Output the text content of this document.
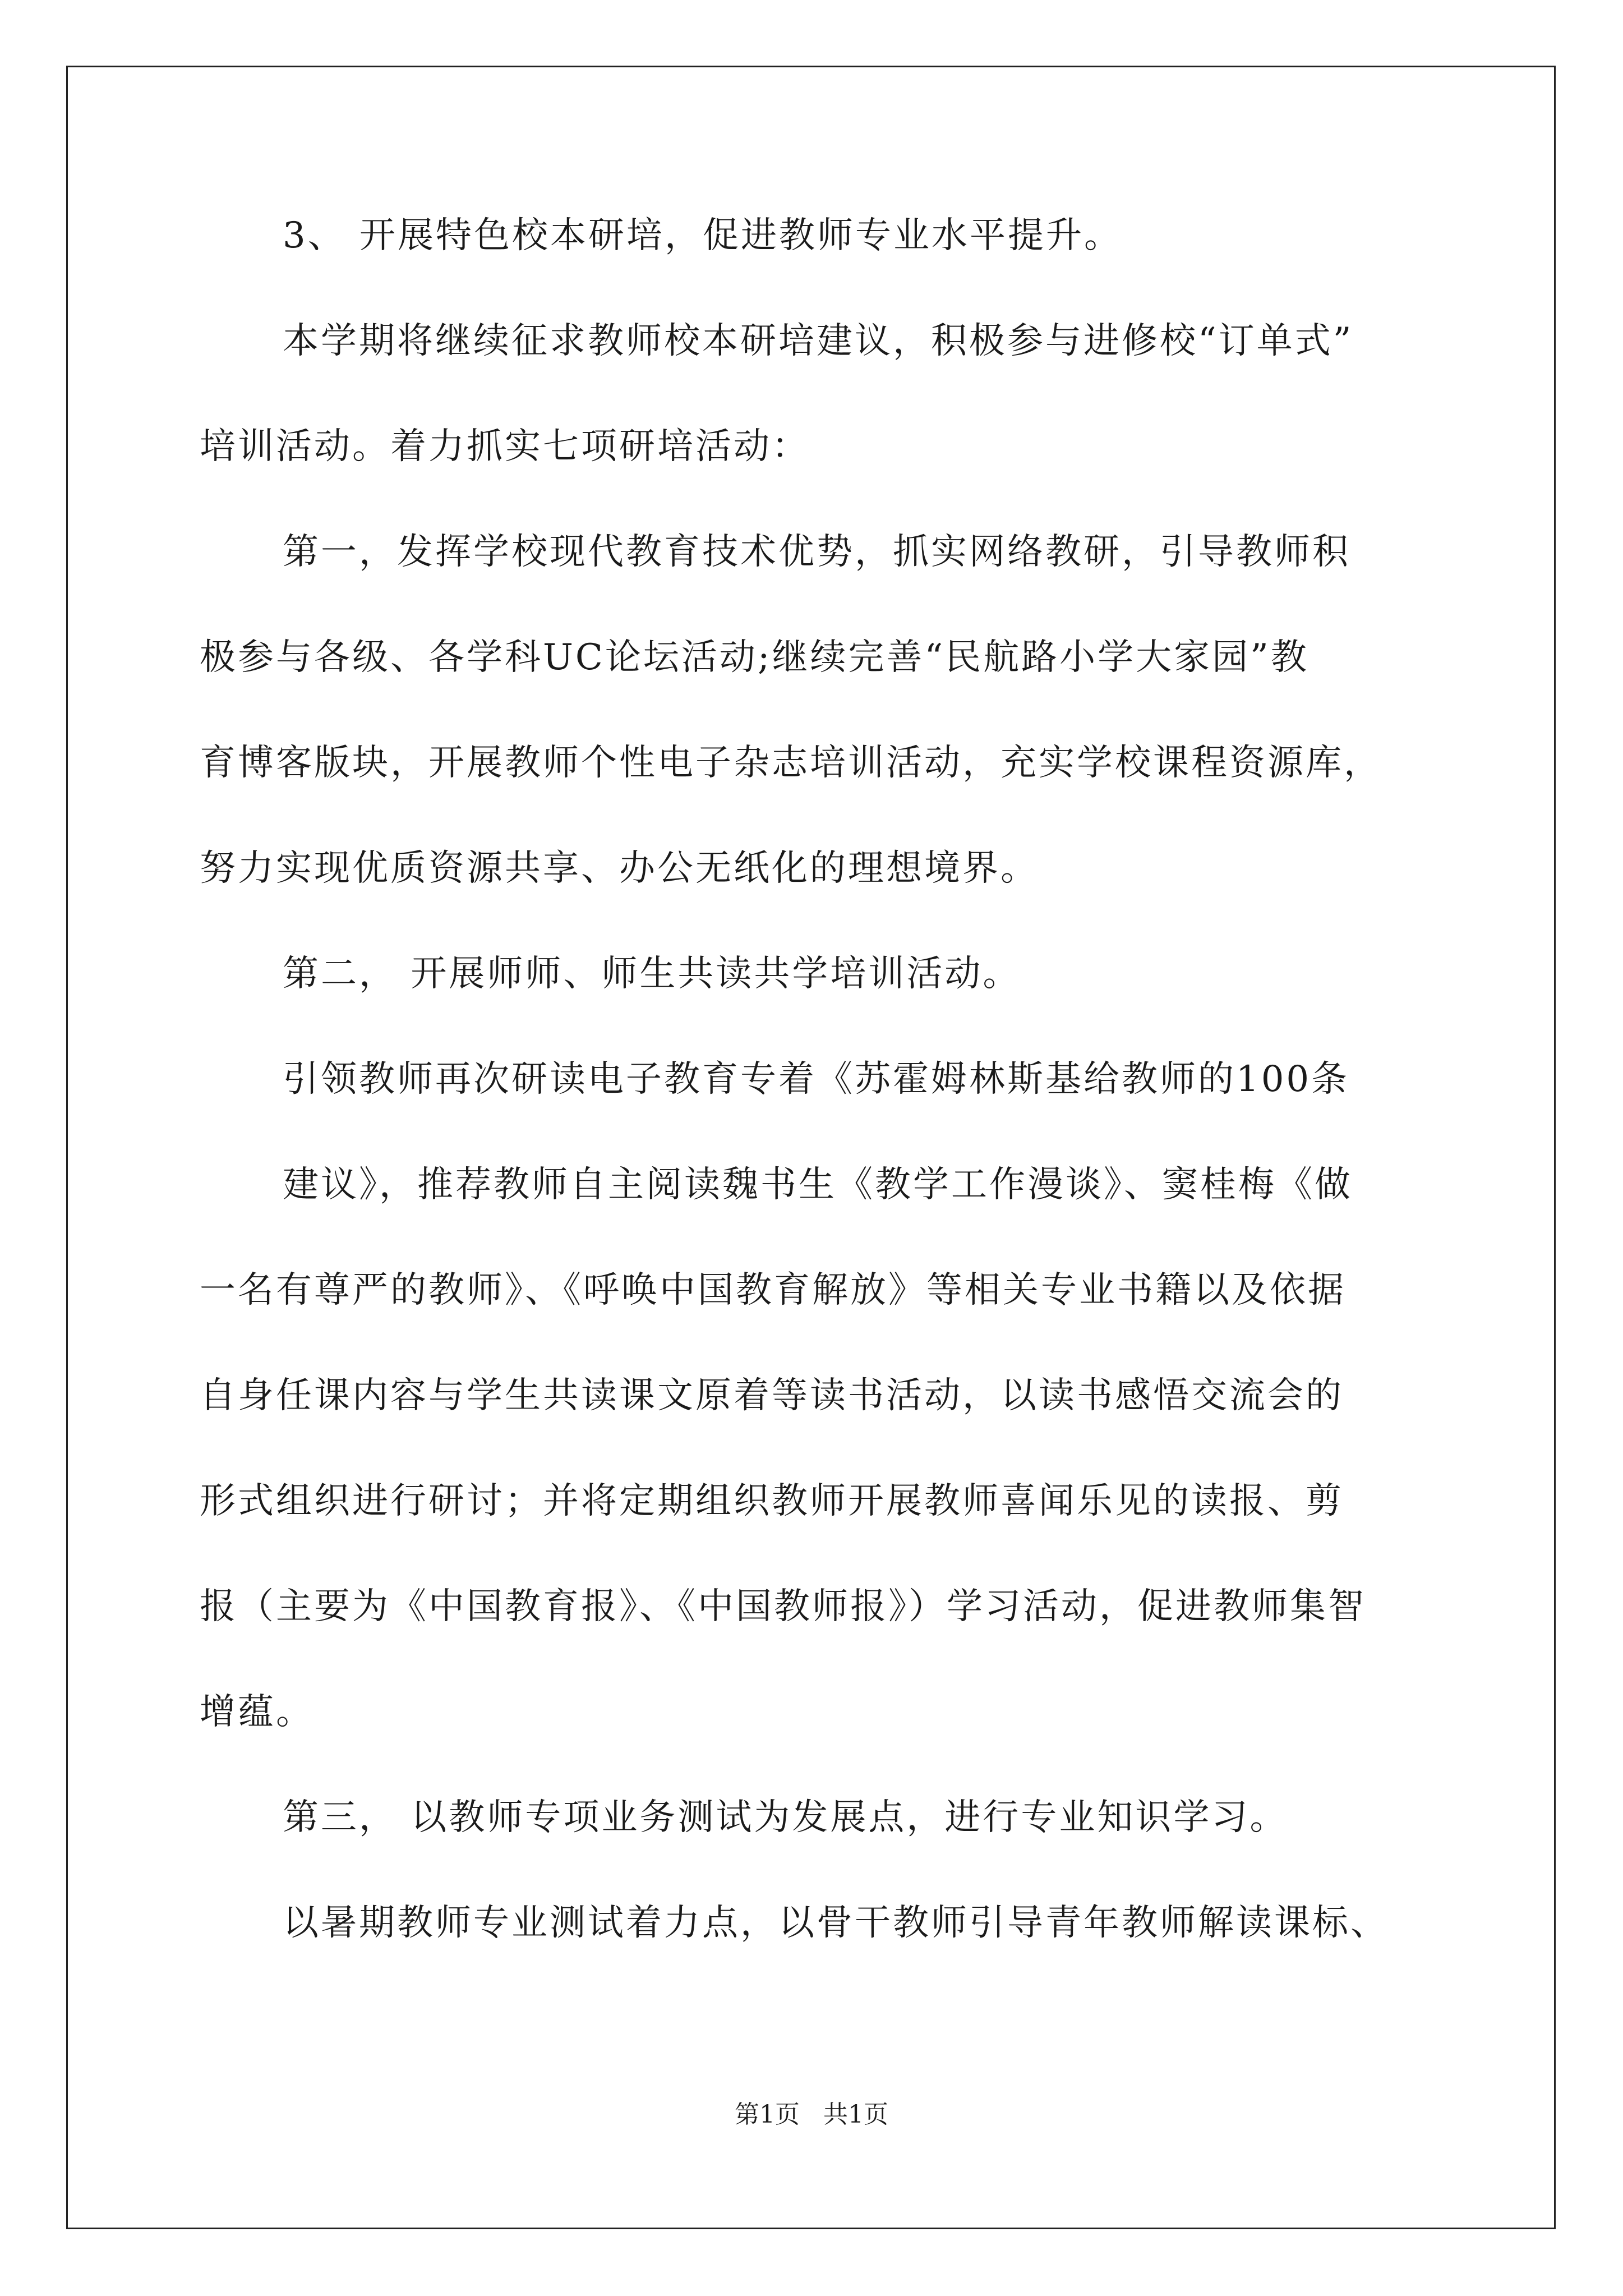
3、 开展特色校本研培，促进教师专业水平提升。
本学期将继续征求教师校本研培建议，积极参与进修校“订单式”
培训活动。着力抓实七项研培活动：
第一，发挥学校现代教育技术优势，抓实网络教研，引导教师积
极参与各级、各学科UC论坛活动;继续完善“民航路小学大家园”教
育博客版块，开展教师个性电子杂志培训活动，充实学校课程资源库，
努力实现优质资源共享、办公无纸化的理想境界。
第二， 开展师师、师生共读共学培训活动。
引领教师再次研读电子教育专着《苏霍姆林斯基给教师的100条
建议》，推荐教师自主阅读魏书生《教学工作漫谈》、窦桂梅《做
一名有尊严的教师》、《呼唤中国教育解放》等相关专业书籍以及依据
自身任课内容与学生共读课文原着等读书活动，以读书感悟交流会的
形式组织进行研讨；并将定期组织教师开展教师喜闻乐见的读报、剪
报（主要为《中国教育报》、《中国教师报》）学习活动，促进教师集智
增蕴。
第三， 以教师专项业务测试为发展点，进行专业知识学习。
以暑期教师专业测试着力点，以骨干教师引导青年教师解读课标、
第1页   共1页
